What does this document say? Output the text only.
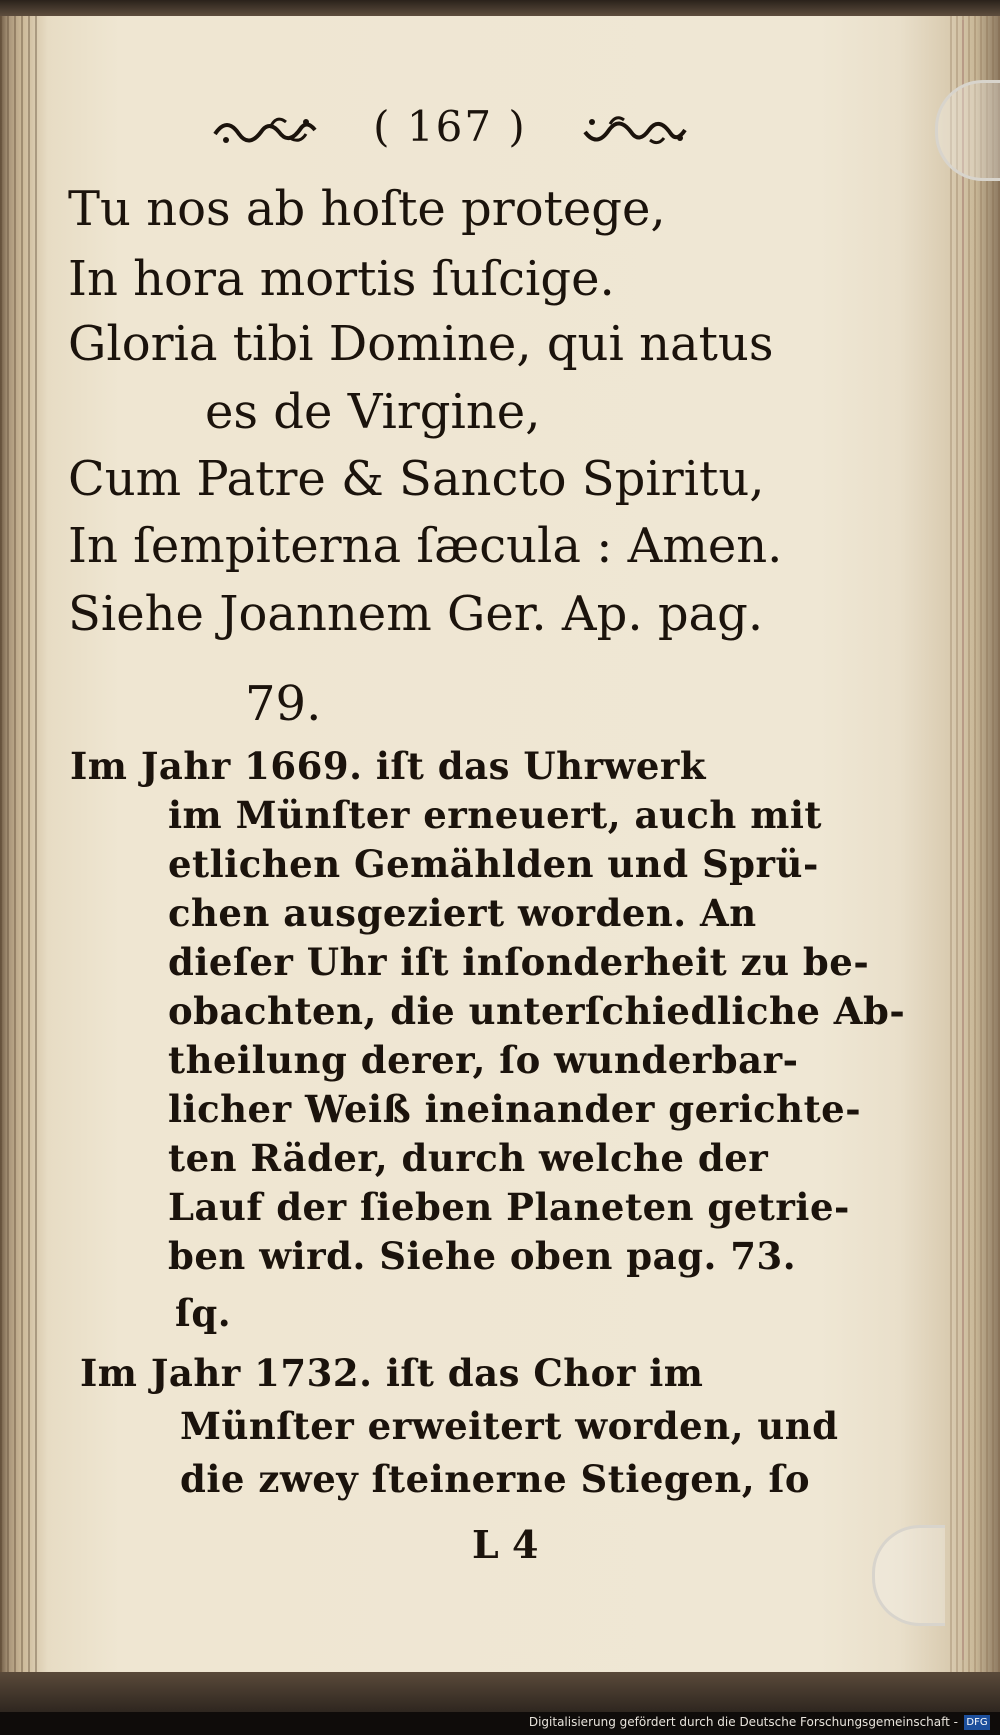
( 167 )
Tu nos ab hoſte protege,
In hora mortis ſuſcige.
Gloria tibi Domine, qui natus
es de Virgine,
Cum Patre & Sancto Spiritu,
In ſempiterna ſæcula : Amen.
Siehe Joannem Ger. Ap. pag.
79.
Im Jahr 1669. iſt das Uhrwerk
im Münſter erneuert, auch mit
etlichen Gemählden und Sprü-
chen ausgeziert worden. An
dieſer Uhr iſt inſonderheit zu be-
obachten, die unterſchiedliche Ab-
theilung derer, ſo wunderbar-
licher Weiß ineinander gerichte-
ten Räder, durch welche der
Lauf der ſieben Planeten getrie-
ben wird. Siehe oben pag. 73.
ſq.
Im Jahr 1732. iſt das Chor im
Münſter erweitert worden, und
die zwey ſteinerne Stiegen, ſo
L 4
Digitalisierung gefördert durch die Deutsche Forschungsgemeinschaft - DFG
